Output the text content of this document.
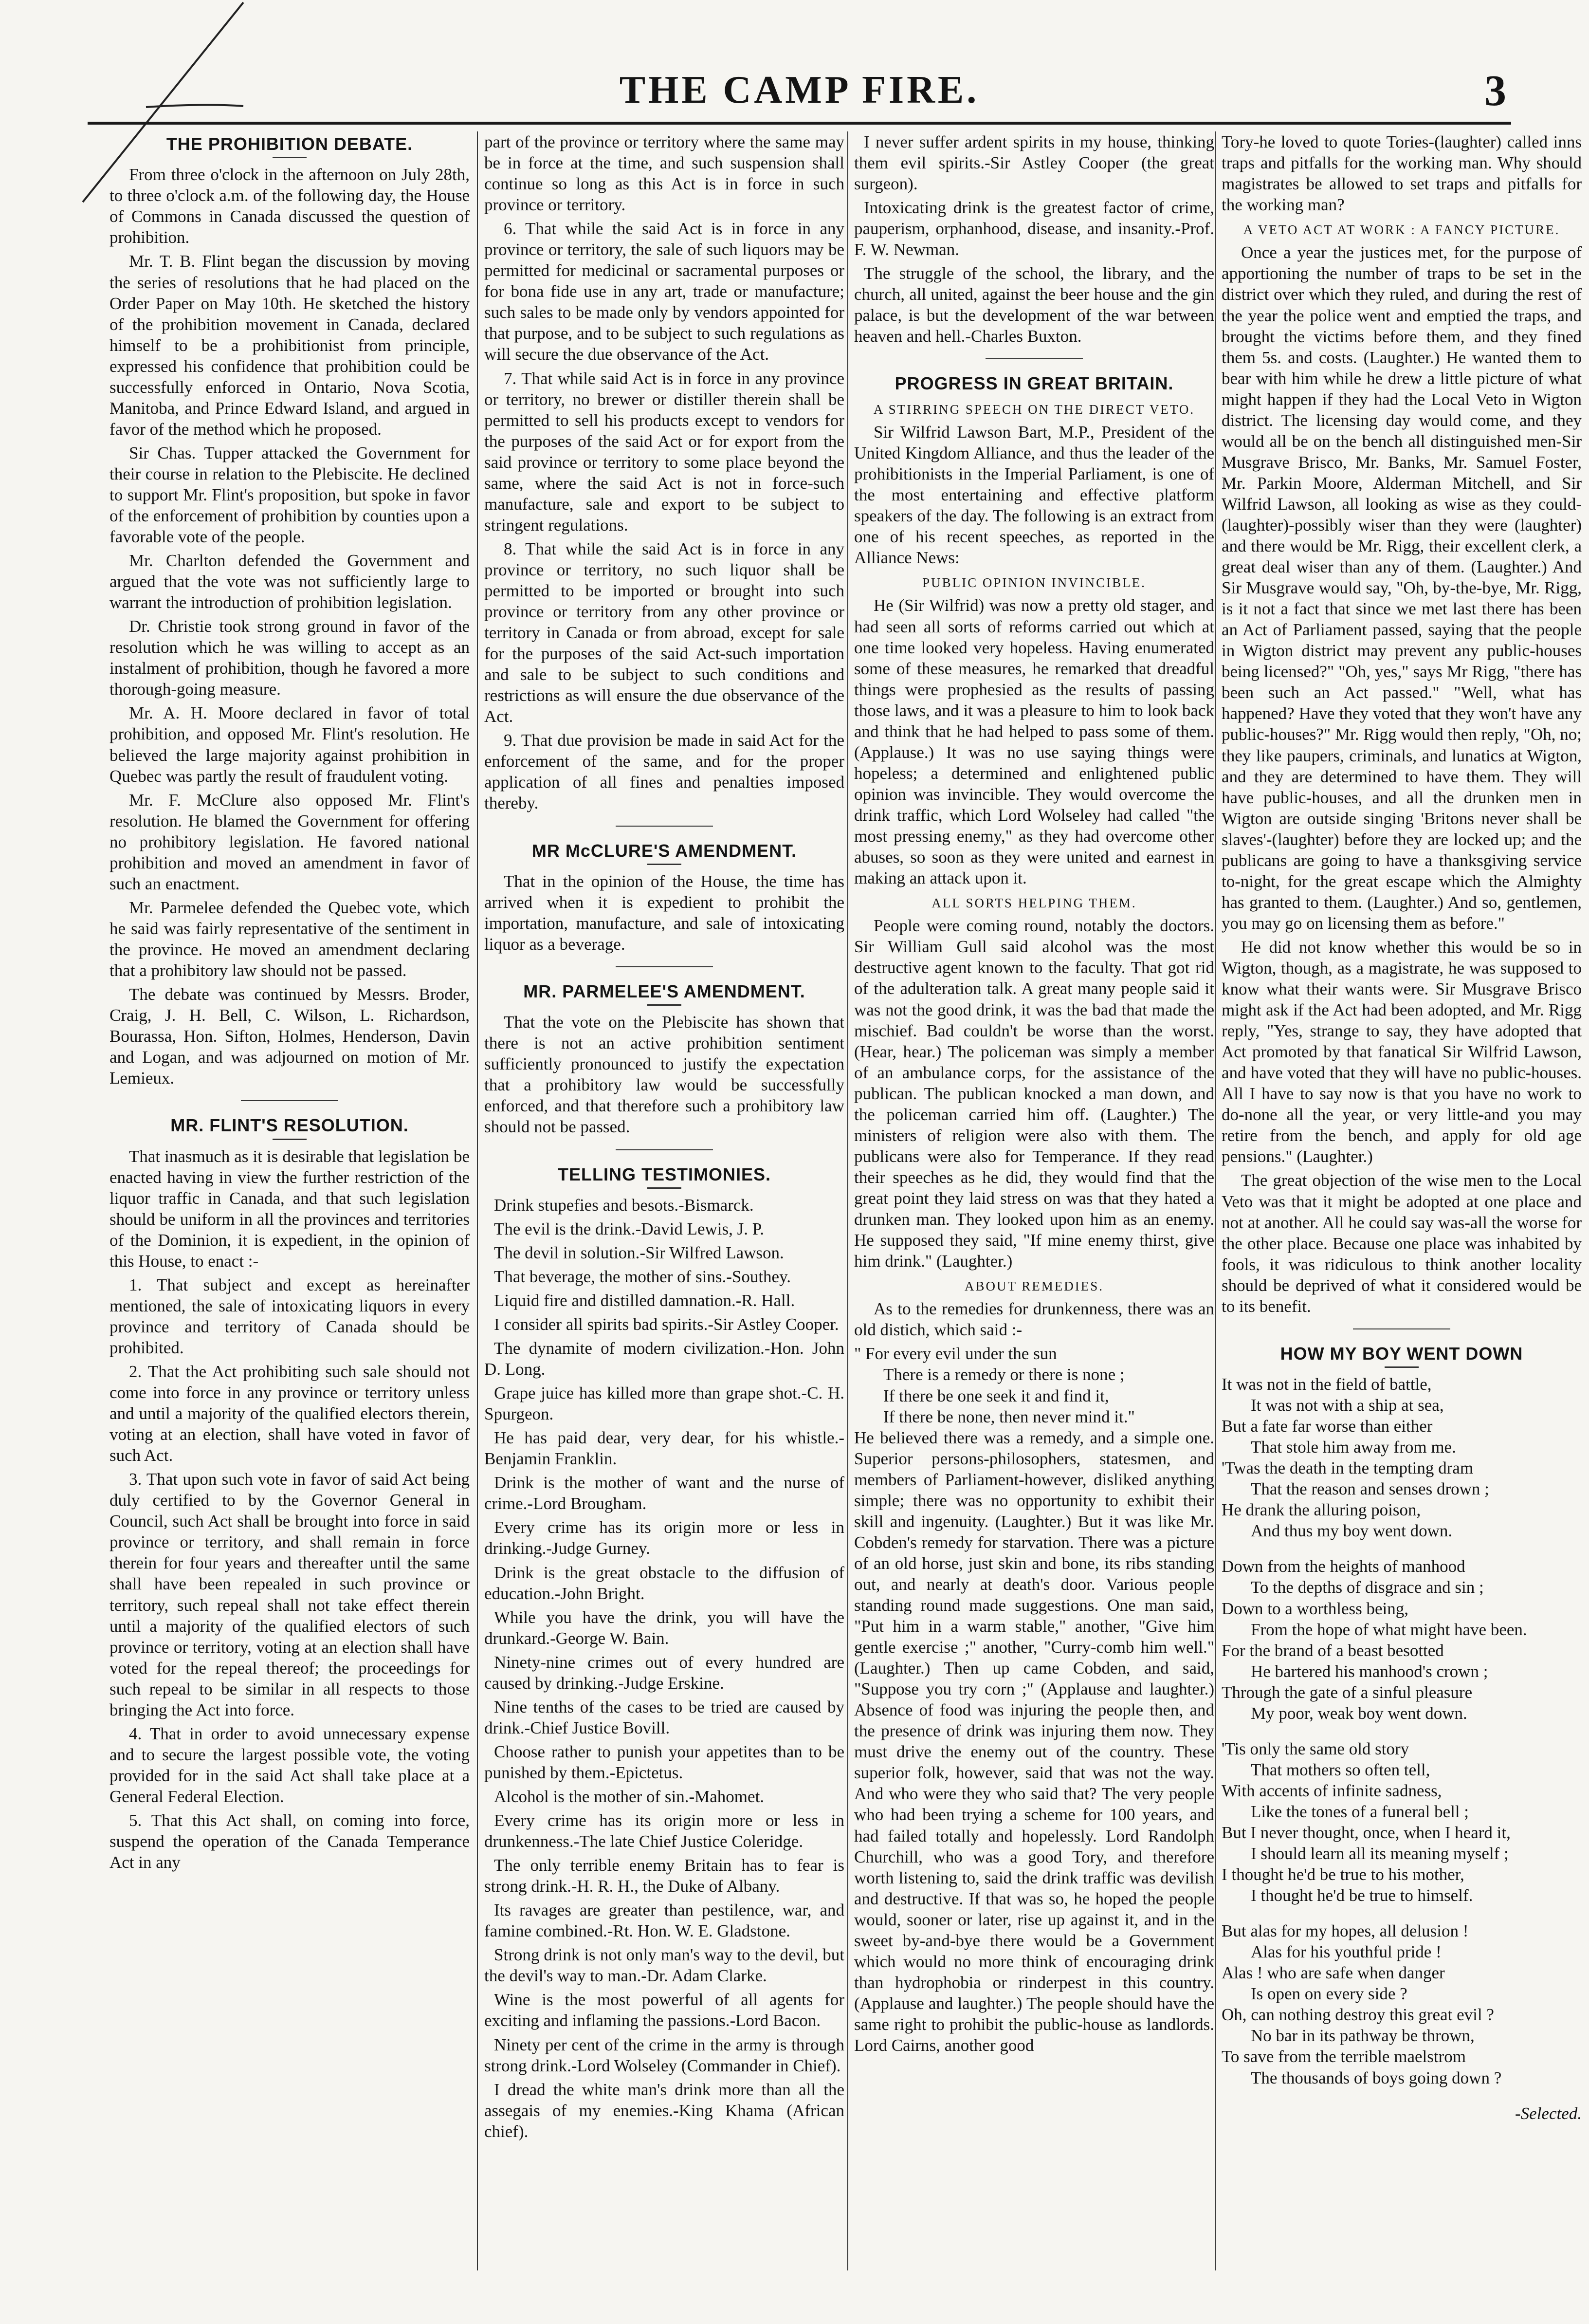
THE CAMP FIRE.	3
THE PROHIBITION DEBATE.

From three o'clock in the afternoon on July 28th, to three o'clock a.m. of the following day, the House of Commons in Canada discussed the question of prohibition.

Mr. T. B. Flint began the discussion by moving the series of resolutions that he had placed on the Order Paper on May 10th. He sketched the history of the prohibition movement in Canada, declared himself to be a prohibitionist from principle, expressed his confidence that prohibition could be successfully enforced in Ontario, Nova Scotia, Manitoba, and Prince Edward Island, and argued in favor of the method which he proposed.

Sir Chas. Tupper attacked the Government for their course in relation to the Plebiscite. He declined to support Mr. Flint's proposition, but spoke in favor of the enforcement of prohibition by counties upon a favorable vote of the people.

Mr. Charlton defended the Government and argued that the vote was not sufficiently large to warrant the introduction of prohibition legislation.

Dr. Christie took strong ground in favor of the resolution which he was willing to accept as an instalment of prohibition, though he favored a more thorough-going measure.

Mr. A. H. Moore declared in favor of total prohibition, and opposed Mr. Flint's resolution. He believed the large majority against prohibition in Quebec was partly the result of fraudulent voting.

Mr. F. McClure also opposed Mr. Flint's resolution. He blamed the Government for offering no prohibitory legislation. He favored national prohibition and moved an amendment in favor of such an enactment.

Mr. Parmelee defended the Quebec vote, which he said was fairly representative of the sentiment in the province. He moved an amendment declaring that a prohibitory law should not be passed.

The debate was continued by Messrs. Broder, Craig, J. H. Bell, C. Wilson, L. Richardson, Bourassa, Hon. Sifton, Holmes, Henderson, Davin and Logan, and was adjourned on motion of Mr. Lemieux.

MR. FLINT'S RESOLUTION.

That inasmuch as it is desirable that legislation be enacted having in view the further restriction of the liquor traffic in Canada, and that such legislation should be uniform in all the provinces and territories of the Dominion, it is expedient, in the opinion of this House, to enact :-

1. That subject and except as hereinafter mentioned, the sale of intoxicating liquors in every province and territory of Canada should be prohibited.

2. That the Act prohibiting such sale should not come into force in any province or territory unless and until a majority of the qualified electors therein, voting at an election, shall have voted in favor of such Act.

3. That upon such vote in favor of said Act being duly certified to by the Governor General in Council, such Act shall be brought into force in said province or territory, and shall remain in force therein for four years and thereafter until the same shall have been repealed in such province or territory, such repeal shall not take effect therein until a majority of the qualified electors of such province or territory, voting at an election shall have voted for the repeal thereof; the proceedings for such repeal to be similar in all respects to those bringing the Act into force.

4. That in order to avoid unnecessary expense and to secure the largest possible vote, the voting provided for in the said Act shall take place at a General Federal Election.

5. That this Act shall, on coming into force, suspend the operation of the Canada Temperance Act in any

part of the province or territory where the same may be in force at the time, and such suspension shall continue so long as this Act is in force in such province or territory.

6. That while the said Act is in force in any province or territory, the sale of such liquors may be permitted for medicinal or sacramental purposes or for bona fide use in any art, trade or manufacture; such sales to be made only by vendors appointed for that purpose, and to be subject to such regulations as will secure the due observance of the Act.

7. That while said Act is in force in any province or territory, no brewer or distiller therein shall be permitted to sell his products except to vendors for the purposes of the said Act or for export from the said province or territory to some place beyond the same, where the said Act is not in force-such manufacture, sale and export to be subject to stringent regulations.

8. That while the said Act is in force in any province or territory, no such liquor shall be permitted to be imported or brought into such province or territory from any other province or territory in Canada or from abroad, except for sale for the purposes of the said Act-such importation and sale to be subject to such conditions and restrictions as will ensure the due observance of the Act.

9. That due provision be made in said Act for the enforcement of the same, and for the proper application of all fines and penalties imposed thereby.

MR McCLURE'S AMENDMENT.

That in the opinion of the House, the time has arrived when it is expedient to prohibit the importation, manufacture, and sale of intoxicating liquor as a beverage.

MR. PARMELEE'S AMENDMENT.

That the vote on the Plebiscite has shown that there is not an active prohibition sentiment sufficiently pronounced to justify the expectation that a prohibitory law would be successfully enforced, and that therefore such a prohibitory law should not be passed.

TELLING TESTIMONIES.

Drink stupefies and besots.-Bismarck.

The evil is the drink.-David Lewis, J. P.

The devil in solution.-Sir Wilfred Lawson.

That beverage, the mother of sins.-Southey.

Liquid fire and distilled damnation.-R. Hall.

I consider all spirits bad spirits.-Sir Astley Cooper.

The dynamite of modern civilization.-Hon. John D. Long.

Grape juice has killed more than grape shot.-C. H. Spurgeon.

He has paid dear, very dear, for his whistle.-Benjamin Franklin.

Drink is the mother of want and the nurse of crime.-Lord Brougham.

Every crime has its origin more or less in drinking.-Judge Gurney.

Drink is the great obstacle to the diffusion of education.-John Bright.

While you have the drink, you will have the drunkard.-George W. Bain.

Ninety-nine crimes out of every hundred are caused by drinking.-Judge Erskine.

Nine tenths of the cases to be tried are caused by drink.-Chief Justice Bovill.

Choose rather to punish your appetites than to be punished by them.-Epictetus.

Alcohol is the mother of sin.-Mahomet.

Every crime has its origin more or less in drunkenness.-The late Chief Justice Coleridge.

The only terrible enemy Britain has to fear is strong drink.-H. R. H., the Duke of Albany.

Its ravages are greater than pestilence, war, and famine combined.-Rt. Hon. W. E. Gladstone.

Strong drink is not only man's way to the devil, but the devil's way to man.-Dr. Adam Clarke.

Wine is the most powerful of all agents for exciting and inflaming the passions.-Lord Bacon.

Ninety per cent of the crime in the army is through strong drink.-Lord Wolseley (Commander in Chief).

I dread the white man's drink more than all the assegais of my enemies.-King Khama (African chief).

I never suffer ardent spirits in my house, thinking them evil spirits.-Sir Astley Cooper (the great surgeon).

Intoxicating drink is the greatest factor of crime, pauperism, orphanhood, disease, and insanity.-Prof. F. W. Newman.

The struggle of the school, the library, and the church, all united, against the beer house and the gin palace, is but the development of the war between heaven and hell.-Charles Buxton.

PROGRESS IN GREAT BRITAIN.
A STIRRING SPEECH ON THE DIRECT VETO.

Sir Wilfrid Lawson Bart, M.P., President of the United Kingdom Alliance, and thus the leader of the prohibitionists in the Imperial Parliament, is one of the most entertaining and effective platform speakers of the day. The following is an extract from one of his recent speeches, as reported in the Alliance News:

PUBLIC OPINION INVINCIBLE.

He (Sir Wilfrid) was now a pretty old stager, and had seen all sorts of reforms carried out which at one time looked very hopeless. Having enumerated some of these measures, he remarked that dreadful things were prophesied as the results of passing those laws, and it was a pleasure to him to look back and think that he had helped to pass some of them. (Applause.) It was no use saying things were hopeless; a determined and enlightened public opinion was invincible. They would overcome the drink traffic, which Lord Wolseley had called "the most pressing enemy," as they had overcome other abuses, so soon as they were united and earnest in making an attack upon it.

ALL SORTS HELPING THEM.

People were coming round, notably the doctors. Sir William Gull said alcohol was the most destructive agent known to the faculty. That got rid of the adulteration talk. A great many people said it was not the good drink, it was the bad that made the mischief. Bad couldn't be worse than the worst. (Hear, hear.) The policeman was simply a member of an ambulance corps, for the assistance of the publican. The publican knocked a man down, and the policeman carried him off. (Laughter.) The ministers of religion were also with them. The publicans were also for Temperance. If they read their speeches as he did, they would find that the great point they laid stress on was that they hated a drunken man. They looked upon him as an enemy. He supposed they said, "If mine enemy thirst, give him drink." (Laughter.)

ABOUT REMEDIES.

As to the remedies for drunkenness, there was an old distich, which said :-

" For every evil under the sun

There is a remedy or there is none ;

If there be one seek it and find it,

If there be none, then never mind it."

He believed there was a remedy, and a simple one. Superior persons-philosophers, statesmen, and members of Parliament-however, disliked anything simple; there was no opportunity to exhibit their skill and ingenuity. (Laughter.) But it was like Mr. Cobden's remedy for starvation. There was a picture of an old horse, just skin and bone, its ribs standing out, and nearly at death's door. Various people standing round made suggestions. One man said, "Put him in a warm stable," another, "Give him gentle exercise ;" another, "Curry-comb him well." (Laughter.) Then up came Cobden, and said, "Suppose you try corn ;" (Applause and laughter.) Absence of food was injuring the people then, and the presence of drink was injuring them now. They must drive the enemy out of the country. These superior folk, however, said that was not the way. And who were they who said that? The very people who had been trying a scheme for 100 years, and had failed totally and hopelessly. Lord Randolph Churchill, who was a good Tory, and therefore worth listening to, said the drink traffic was devilish and destructive. If that was so, he hoped the people would, sooner or later, rise up against it, and in the sweet by-and-bye there would be a Government which would no more think of encouraging drink than hydrophobia or rinderpest in this country. (Applause and laughter.) The people should have the same right to prohibit the public-house as landlords. Lord Cairns, another good

Tory-he loved to quote Tories-(laughter) called inns traps and pitfalls for the working man. Why should magistrates be allowed to set traps and pitfalls for the working man?

A VETO ACT AT WORK : A FANCY PICTURE.

Once a year the justices met, for the purpose of apportioning the number of traps to be set in the district over which they ruled, and during the rest of the year the police went and emptied the traps, and brought the victims before them, and they fined them 5s. and costs. (Laughter.) He wanted them to bear with him while he drew a little picture of what might happen if they had the Local Veto in Wigton district. The licensing day would come, and they would all be on the bench all distinguished men-Sir Musgrave Brisco, Mr. Banks, Mr. Samuel Foster, Mr. Parkin Moore, Alderman Mitchell, and Sir Wilfrid Lawson, all looking as wise as they could-(laughter)-possibly wiser than they were (laughter) and there would be Mr. Rigg, their excellent clerk, a great deal wiser than any of them. (Laughter.) And Sir Musgrave would say, "Oh, by-the-bye, Mr. Rigg, is it not a fact that since we met last there has been an Act of Parliament passed, saying that the people in Wigton district may prevent any public-houses being licensed?" "Oh, yes," says Mr Rigg, "there has been such an Act passed." "Well, what has happened? Have they voted that they won't have any public-houses?" Mr. Rigg would then reply, "Oh, no; they like paupers, criminals, and lunatics at Wigton, and they are determined to have them. They will have public-houses, and all the drunken men in Wigton are outside singing 'Britons never shall be slaves'-(laughter) before they are locked up; and the publicans are going to have a thanksgiving service to-night, for the great escape which the Almighty has granted to them. (Laughter.) And so, gentlemen, you may go on licensing them as before."

He did not know whether this would be so in Wigton, though, as a magistrate, he was supposed to know what their wants were. Sir Musgrave Brisco might ask if the Act had been adopted, and Mr. Rigg reply, "Yes, strange to say, they have adopted that Act promoted by that fanatical Sir Wilfrid Lawson, and have voted that they will have no public-houses. All I have to say now is that you have no work to do-none all the year, or very little-and you may retire from the bench, and apply for old age pensions." (Laughter.)

The great objection of the wise men to the Local Veto was that it might be adopted at one place and not at another. All he could say was-all the worse for the other place. Because one place was inhabited by fools, it was ridiculous to think another locality should be deprived of what it considered would be to its benefit.

HOW MY BOY WENT DOWN

It was not in the field of battle,

It was not with a ship at sea,

But a fate far worse than either

That stole him away from me.

'Twas the death in the tempting dram

That the reason and senses drown ;

He drank the alluring poison,

And thus my boy went down.

Down from the heights of manhood

To the depths of disgrace and sin ;

Down to a worthless being,

From the hope of what might have been.

For the brand of a beast besotted

He bartered his manhood's crown ;

Through the gate of a sinful pleasure

My poor, weak boy went down.

'Tis only the same old story

That mothers so often tell,

With accents of infinite sadness,

Like the tones of a funeral bell ;

But I never thought, once, when I heard it,

I should learn all its meaning myself ;

I thought he'd be true to his mother,

I thought he'd be true to himself.

But alas for my hopes, all delusion !

Alas for his youthful pride !

Alas ! who are safe when danger

Is open on every side ?

Oh, can nothing destroy this great evil ?

No bar in its pathway be thrown,

To save from the terrible maelstrom

The thousands of boys going down ?

-Selected.
